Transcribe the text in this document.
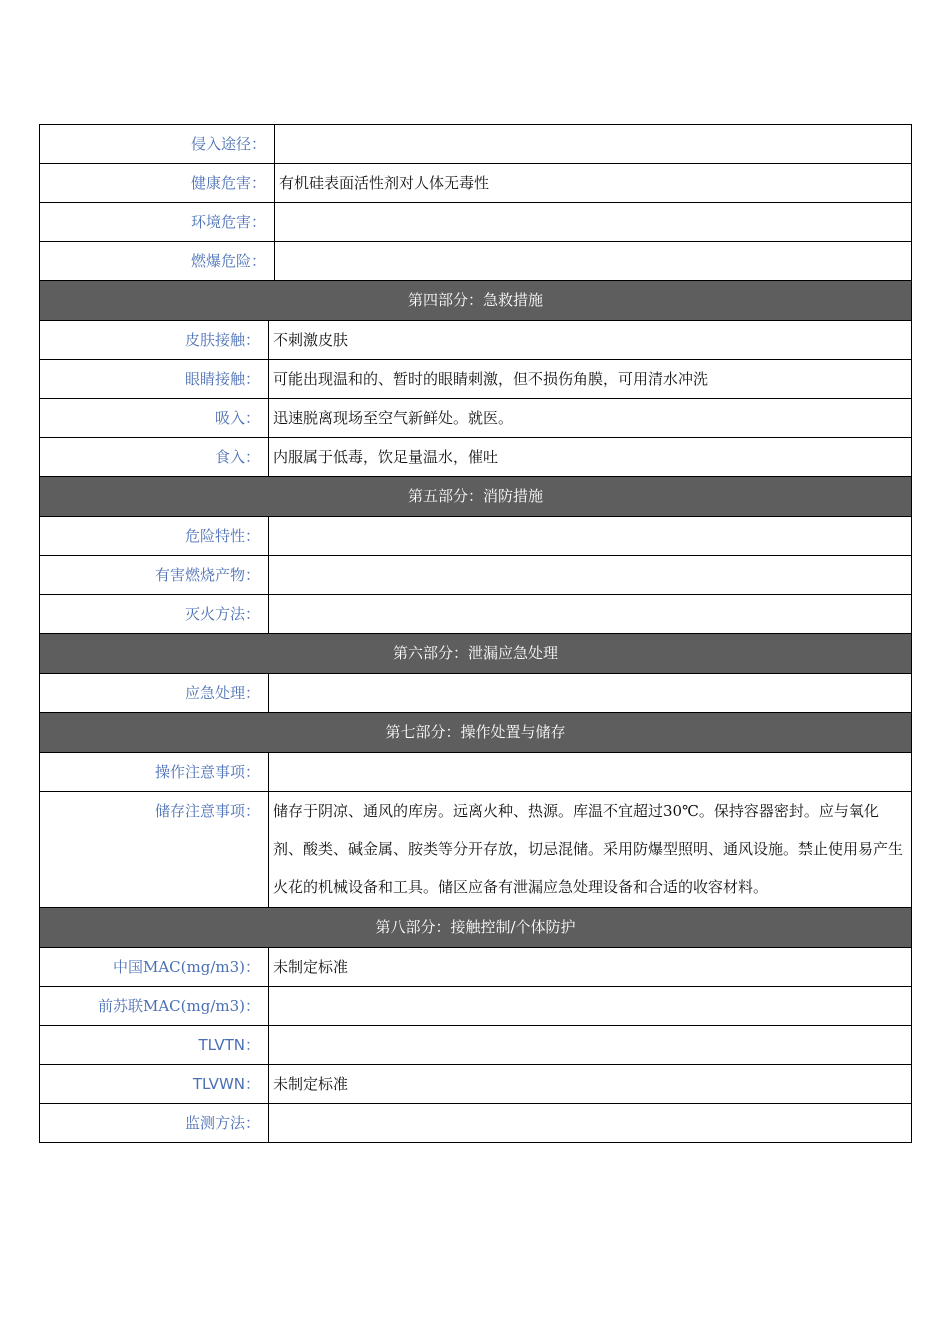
侵入途径：
健康危害： 有机硅表面活性剂对人体无毒性
环境危害：
燃爆危险：
第四部分：急救措施
皮肤接触： 不刺激皮肤
眼睛接触： 可能出现温和的、暂时的眼睛刺激，但不损伤角膜，可用清水冲洗
吸入： 迅速脱离现场至空气新鲜处。就医。
食入： 内服属于低毒，饮足量温水，催吐
第五部分：消防措施
危险特性：
有害燃烧产物：
灭火方法：
第六部分：泄漏应急处理
应急处理：
第七部分：操作处置与储存
操作注意事项：
储存注意事项： 储存于阴凉、通风的库房。远离火种、热源。库温不宜超过30℃。保持容器密封。应与氧化剂、酸类、碱金属、胺类等分开存放，切忌混储。采用防爆型照明、通风设施。禁止使用易产生火花的机械设备和工具。储区应备有泄漏应急处理设备和合适的收容材料。
第八部分：接触控制/个体防护
中国MAC(mg/m3)： 未制定标准
前苏联MAC(mg/m3)：
TLVTN：
TLVWN： 未制定标准
监测方法：
